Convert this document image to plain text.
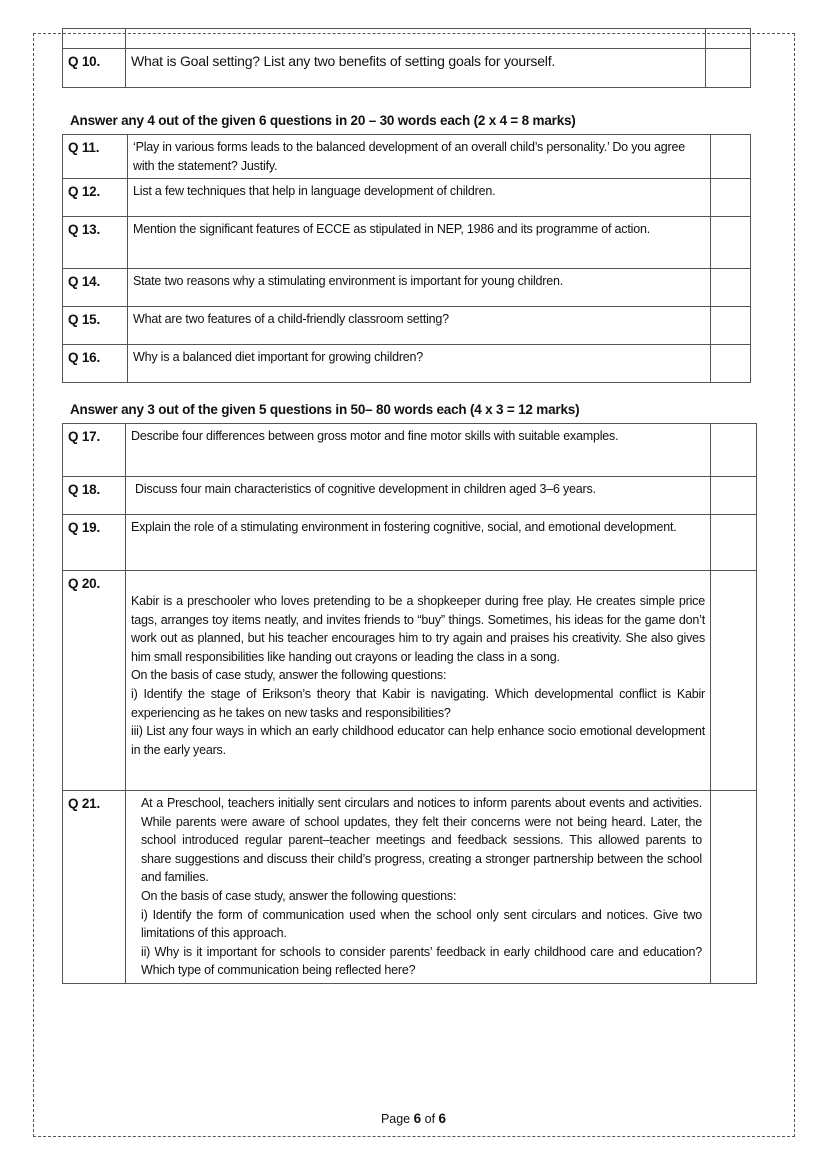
Q 10.	What is Goal setting? List any two benefits of setting goals for yourself.	
Answer any 4 out of the given 6 questions in 20 – 30 words each (2 x 4 = 8 marks)
Q 11.	‘Play in various forms leads to the balanced development of an overall child’s personality.’ Do you agree with the statement? Justify.	
Q 12.	List a few techniques that help in language development of children.	
Q 13.	Mention the significant features of ECCE as stipulated in NEP, 1986 and its programme of action.	
Q 14.	State two reasons why a stimulating environment is important for young children.	
Q 15.	What are two features of a child-friendly classroom setting?	
Q 16.	Why is a balanced diet important for growing children?	
Answer any 3 out of the given 5 questions in 50– 80 words each (4 x 3 = 12 marks)
Q 17.	Describe four differences between gross motor and fine motor skills with suitable examples.	
Q 18.	Discuss four main characteristics of cognitive development in children aged 3–6 years.	
Q 19.	Explain the role of a stimulating environment in fostering cognitive, social, and emotional development.	
Q 20.	Kabir is a preschooler who loves pretending to be a shopkeeper during free play. He creates simple price tags, arranges toy items neatly, and invites friends to “buy” things. Sometimes, his ideas for the game don’t work out as planned, but his teacher encourages him to try again and praises his creativity. She also gives him small responsibilities like handing out crayons or leading the class in a song.

On the basis of case study, answer the following questions:

i) Identify the stage of Erikson’s theory that Kabir is navigating. Which developmental conflict is Kabir experiencing as he takes on new tasks and responsibilities?

iii) List any four ways in which an early childhood educator can help enhance socio emotional development in the early years.	

Q 21.	At a Preschool, teachers initially sent circulars and notices to inform parents about events and activities. While parents were aware of school updates, they felt their concerns were not being heard. Later, the school introduced regular parent–teacher meetings and feedback sessions. This allowed parents to share suggestions and discuss their child’s progress, creating a stronger partnership between the school and families.

On the basis of case study, answer the following questions:

i) Identify the form of communication used when the school only sent circulars and notices. Give two limitations of this approach.

ii) Why is it important for schools to consider parents’ feedback in early childhood care and education? Which type of communication being reflected here?	

Page 6 of 6
